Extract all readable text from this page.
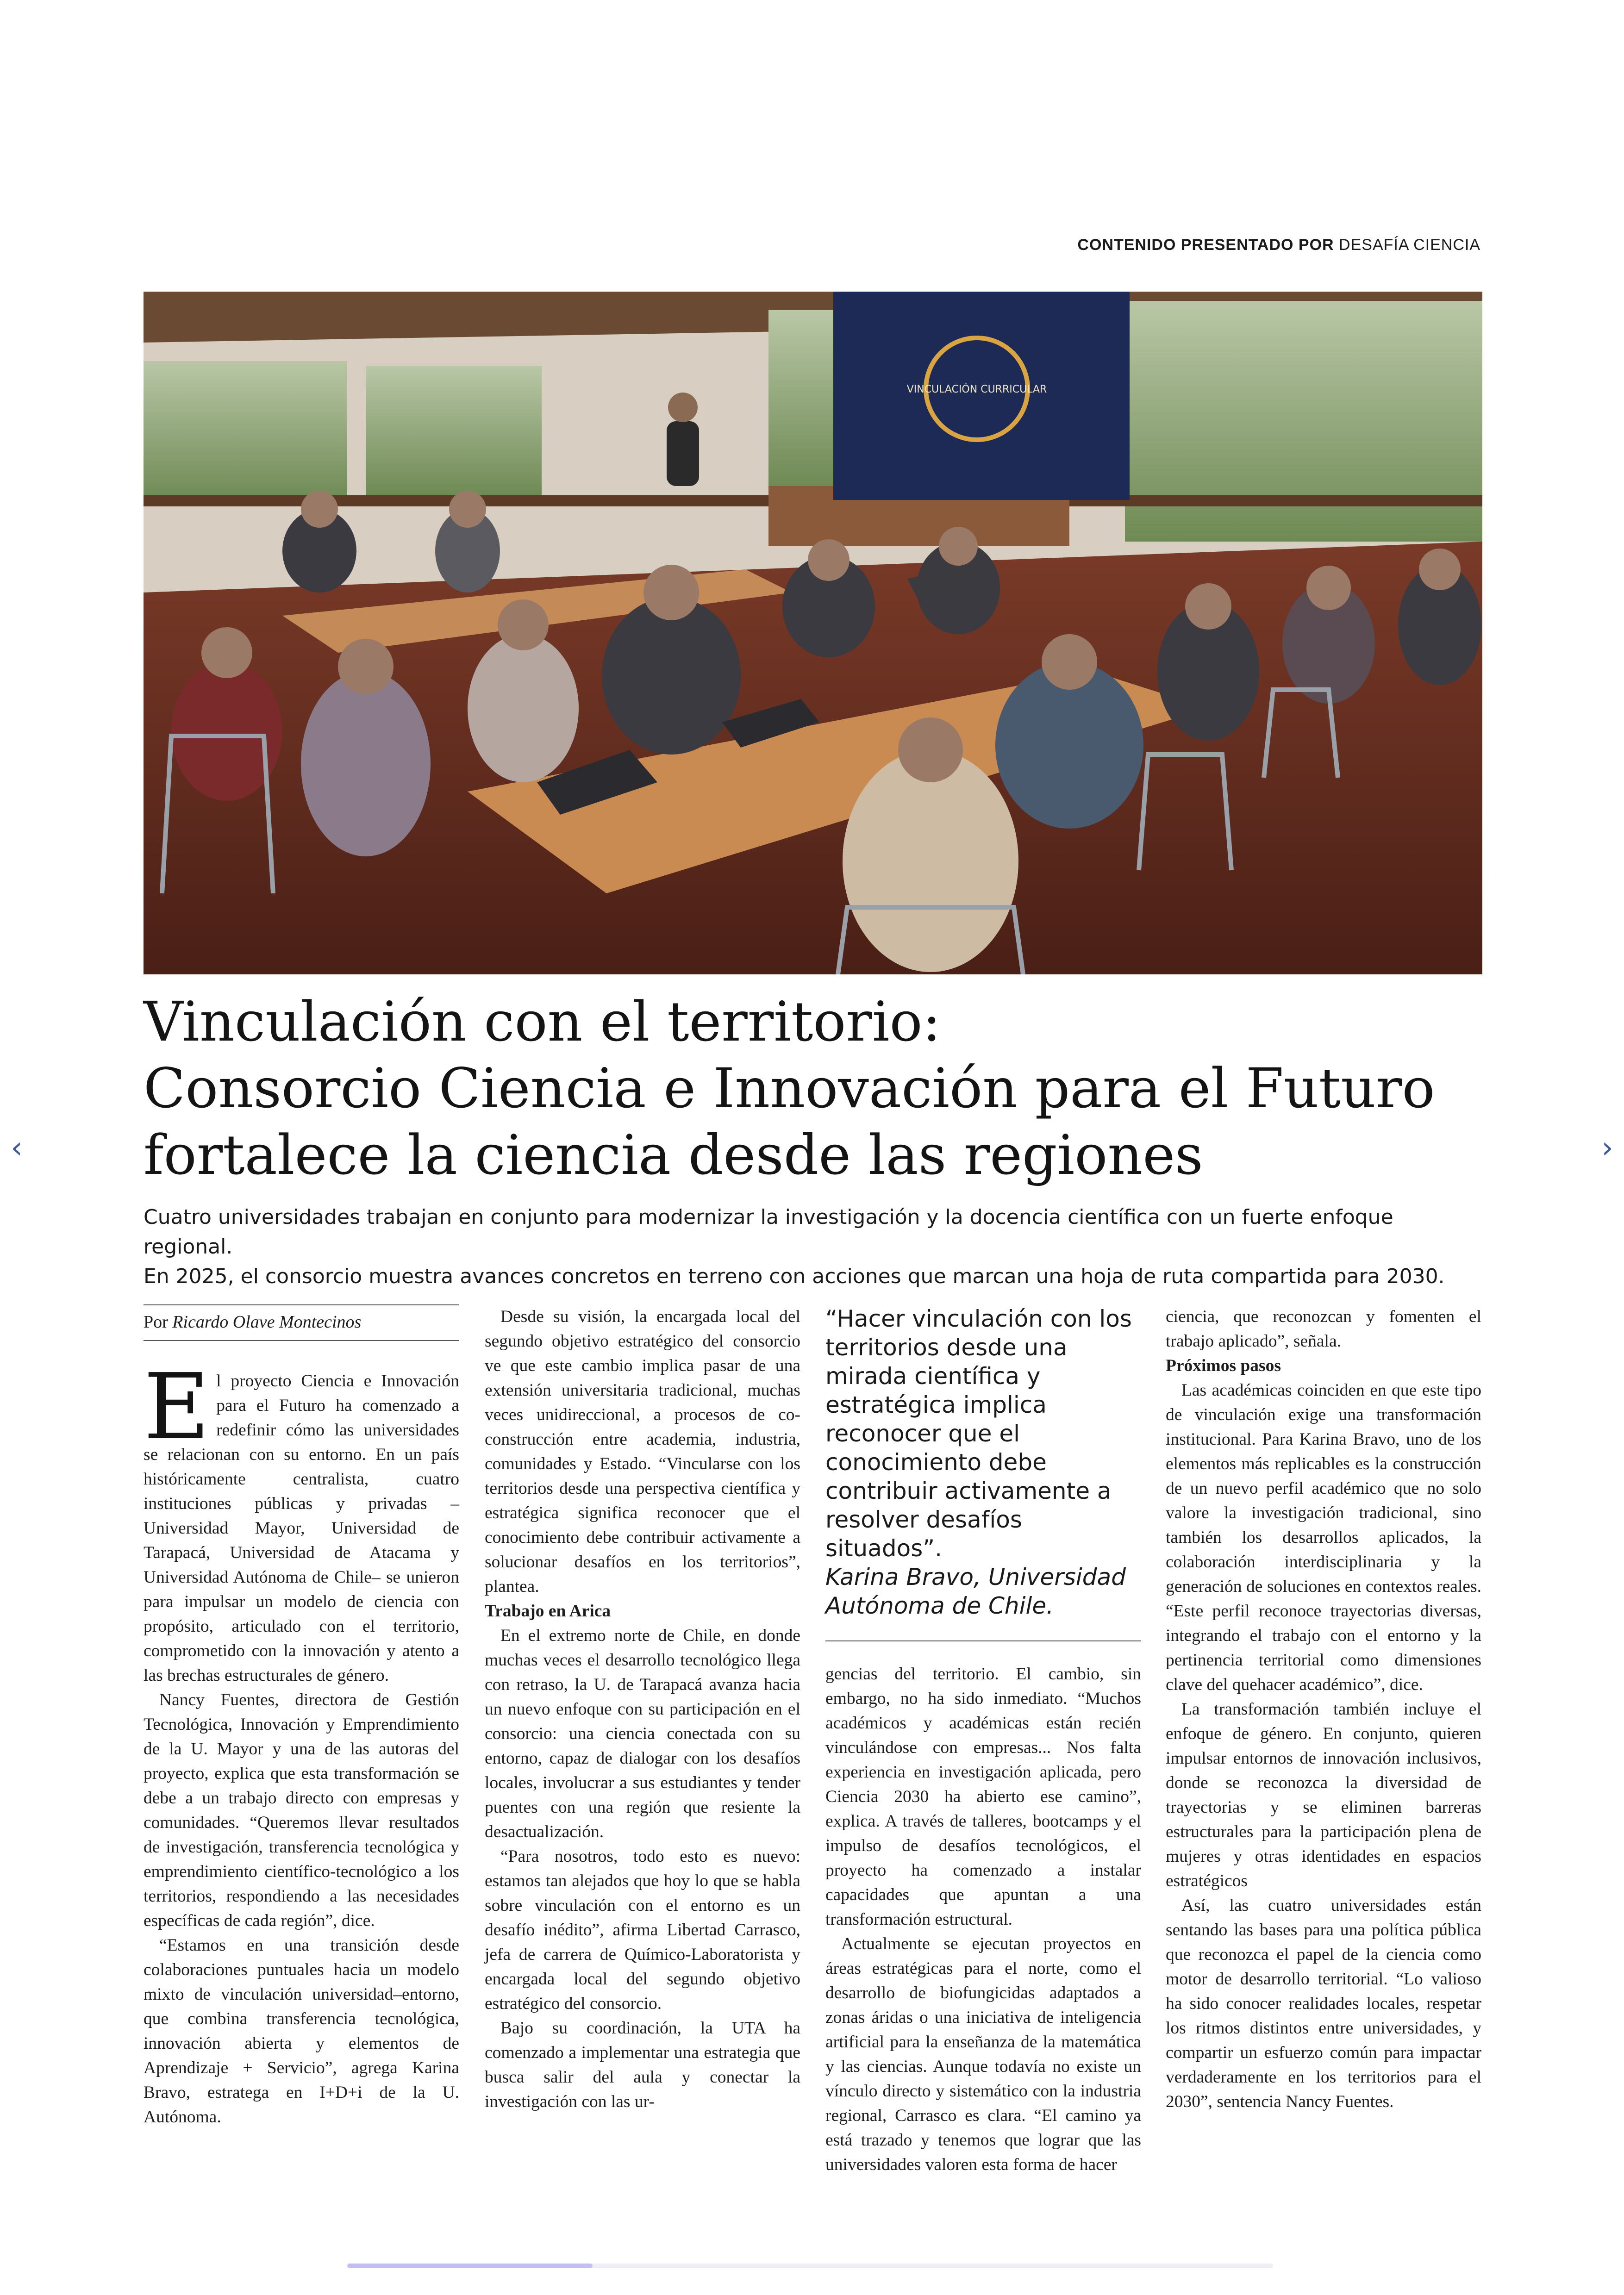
CONTENIDO PRESENTADO POR DESAFÍA CIENCIA
VINCULACIÓN CURRICULAR
Vinculación con el territorio:
Consorcio Ciencia e Innovación para el Futuro
fortalece la ciencia desde las regiones
Cuatro universidades trabajan en conjunto para modernizar la investigación y la docencia científica con un fuerte enfoque regional.
En 2025, el consorcio muestra avances concretos en terreno con acciones que marcan una hoja de ruta compartida para 2030.
Por Ricardo Olave Montecinos

El proyecto Ciencia e Innovación para el Futuro ha comenzado a redefinir cómo las universidades se relacionan con su entorno. En un país históricamente centralista, cuatro instituciones públicas y privadas –Universidad Mayor, Universidad de Tarapacá, Universidad de Atacama y Universidad Autónoma de Chile– se unieron para impulsar un modelo de ciencia con propósito, articulado con el territorio, comprometido con la innovación y atento a las brechas estructurales de género.

Nancy Fuentes, directora de Gestión Tecnológica, Innovación y Emprendimiento de la U. Mayor y una de las autoras del proyecto, explica que esta transformación se debe a un trabajo directo con empresas y comunidades. “Queremos llevar resultados de investigación, transferencia tecnológica y emprendimiento científico-tecnológico a los territorios, respondiendo a las necesidades específicas de cada región”, dice.

“Estamos en una transición desde colaboraciones puntuales hacia un modelo mixto de vinculación universidad–entorno, que combina transferencia tecnológica, innovación abierta y elementos de Aprendizaje + Servicio”, agrega Karina Bravo, estratega en I+D+i de la U. Autónoma.

Desde su visión, la encargada local del segundo objetivo estratégico del consorcio ve que este cambio implica pasar de una extensión universitaria tradicional, muchas veces unidireccional, a procesos de co-construcción entre academia, industria, comunidades y Estado. “Vincularse con los territorios desde una perspectiva científica y estratégica significa reconocer que el conocimiento debe contribuir activamente a solucionar desafíos en los territorios”, plantea.

Trabajo en Arica

En el extremo norte de Chile, en donde muchas veces el desarrollo tecnológico llega con retraso, la U. de Tarapacá avanza hacia un nuevo enfoque con su participación en el consorcio: una ciencia conectada con su entorno, capaz de dialogar con los desafíos locales, involucrar a sus estudiantes y tender puentes con una región que resiente la desactualización.

“Para nosotros, todo esto es nuevo: estamos tan alejados que hoy lo que se habla sobre vinculación con el entorno es un desafío inédito”, afirma Libertad Carrasco, jefa de carrera de Químico-Laboratorista y encargada local del segundo objetivo estratégico del consorcio.

Bajo su coordinación, la UTA ha comenzado a implementar una estrategia que busca salir del aula y conectar la investigación con las ur-

“Hacer vinculación con los territorios desde una mirada científica y estratégica implica reconocer que el conocimiento debe contribuir activamente a resolver desafíos situados”.
Karina Bravo, Universidad Autónoma de Chile.

gencias del territorio. El cambio, sin embargo, no ha sido inmediato. “Muchos académicos y académicas están recién vinculándose con empresas... Nos falta experiencia en investigación aplicada, pero Ciencia 2030 ha abierto ese camino”, explica. A través de talleres, bootcamps y el impulso de desafíos tecnológicos, el proyecto ha comenzado a instalar capacidades que apuntan a una transformación estructural.

Actualmente se ejecutan proyectos en áreas estratégicas para el norte, como el desarrollo de biofungicidas adaptados a zonas áridas o una iniciativa de inteligencia artificial para la enseñanza de la matemática y las ciencias. Aunque todavía no existe un vínculo directo y sistemático con la industria regional, Carrasco es clara. “El camino ya está trazado y tenemos que lograr que las universidades valoren esta forma de hacer

ciencia, que reconozcan y fomenten el trabajo aplicado”, señala.

Próximos pasos

Las académicas coinciden en que este tipo de vinculación exige una transformación institucional. Para Karina Bravo, uno de los elementos más replicables es la construcción de un nuevo perfil académico que no solo valore la investigación tradicional, sino también los desarrollos aplicados, la colaboración interdisciplinaria y la generación de soluciones en contextos reales. “Este perfil reconoce trayectorias diversas, integrando el trabajo con el entorno y la pertinencia territorial como dimensiones clave del quehacer académico”, dice.

La transformación también incluye el enfoque de género. En conjunto, quieren impulsar entornos de innovación inclusivos, donde se reconozca la diversidad de trayectorias y se eliminen barreras estructurales para la participación plena de mujeres y otras identidades en espacios estratégicos

Así, las cuatro universidades están sentando las bases para una política pública que reconozca el papel de la ciencia como motor de desarrollo territorial. “Lo valioso ha sido conocer realidades locales, respetar los ritmos distintos entre universidades, y compartir un esfuerzo común para impactar verdaderamente en los territorios para el 2030”, sentencia Nancy Fuentes.

‹	›
